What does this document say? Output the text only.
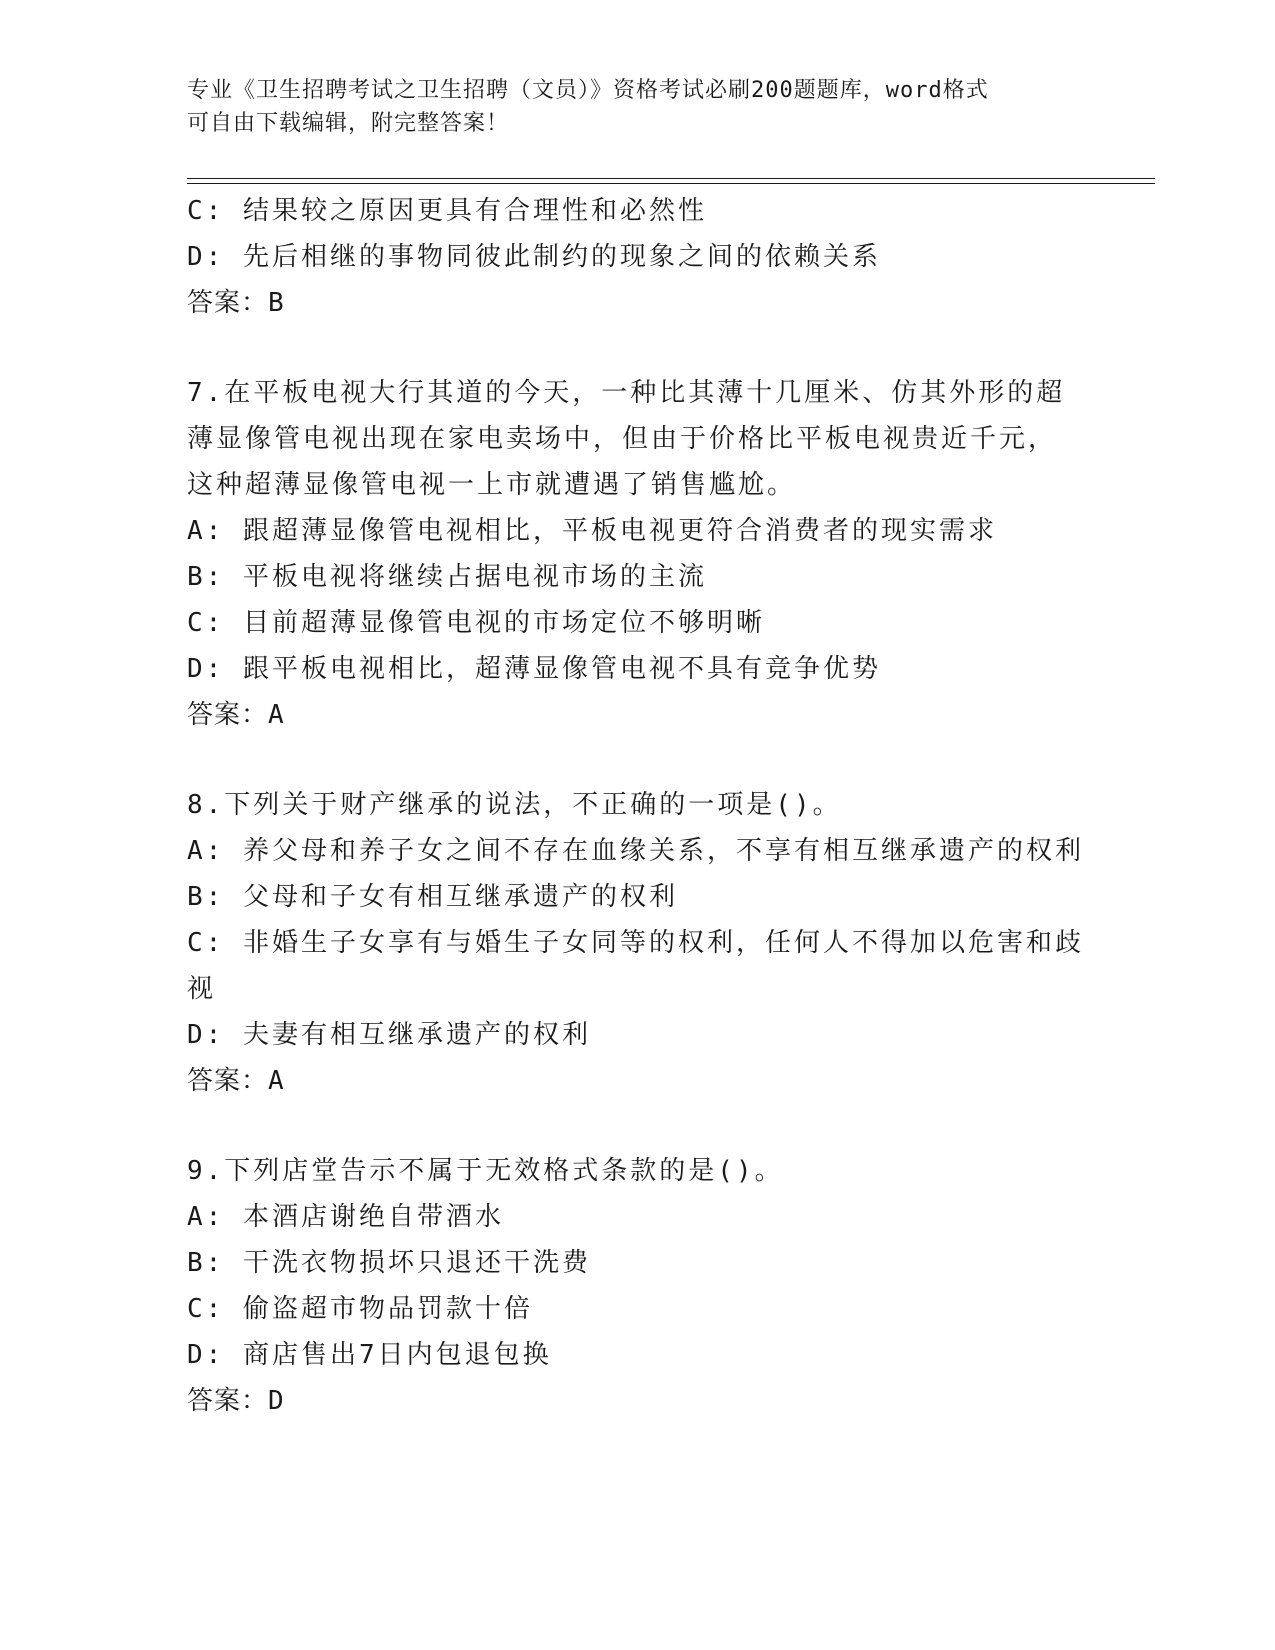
专业《卫生招聘考试之卫生招聘（文员）》资格考试必刷200题题库，word格式
可自由下载编辑，附完整答案！
C: 结果较之原因更具有合理性和必然性
D: 先后相继的事物同彼此制约的现象之间的依赖关系
答案：B
7.在平板电视大行其道的今天，一种比其薄十几厘米、仿其外形的超
薄显像管电视出现在家电卖场中，但由于价格比平板电视贵近千元，
这种超薄显像管电视一上市就遭遇了销售尴尬。
A: 跟超薄显像管电视相比，平板电视更符合消费者的现实需求
B: 平板电视将继续占据电视市场的主流
C: 目前超薄显像管电视的市场定位不够明晰
D: 跟平板电视相比，超薄显像管电视不具有竞争优势
答案：A
8.下列关于财产继承的说法，不正确的一项是()。
A: 养父母和养子女之间不存在血缘关系，不享有相互继承遗产的权利
B: 父母和子女有相互继承遗产的权利
C: 非婚生子女享有与婚生子女同等的权利，任何人不得加以危害和歧
视
D: 夫妻有相互继承遗产的权利
答案：A
9.下列店堂告示不属于无效格式条款的是()。
A: 本酒店谢绝自带酒水
B: 干洗衣物损坏只退还干洗费
C: 偷盗超市物品罚款十倍
D: 商店售出7日内包退包换
答案：D
